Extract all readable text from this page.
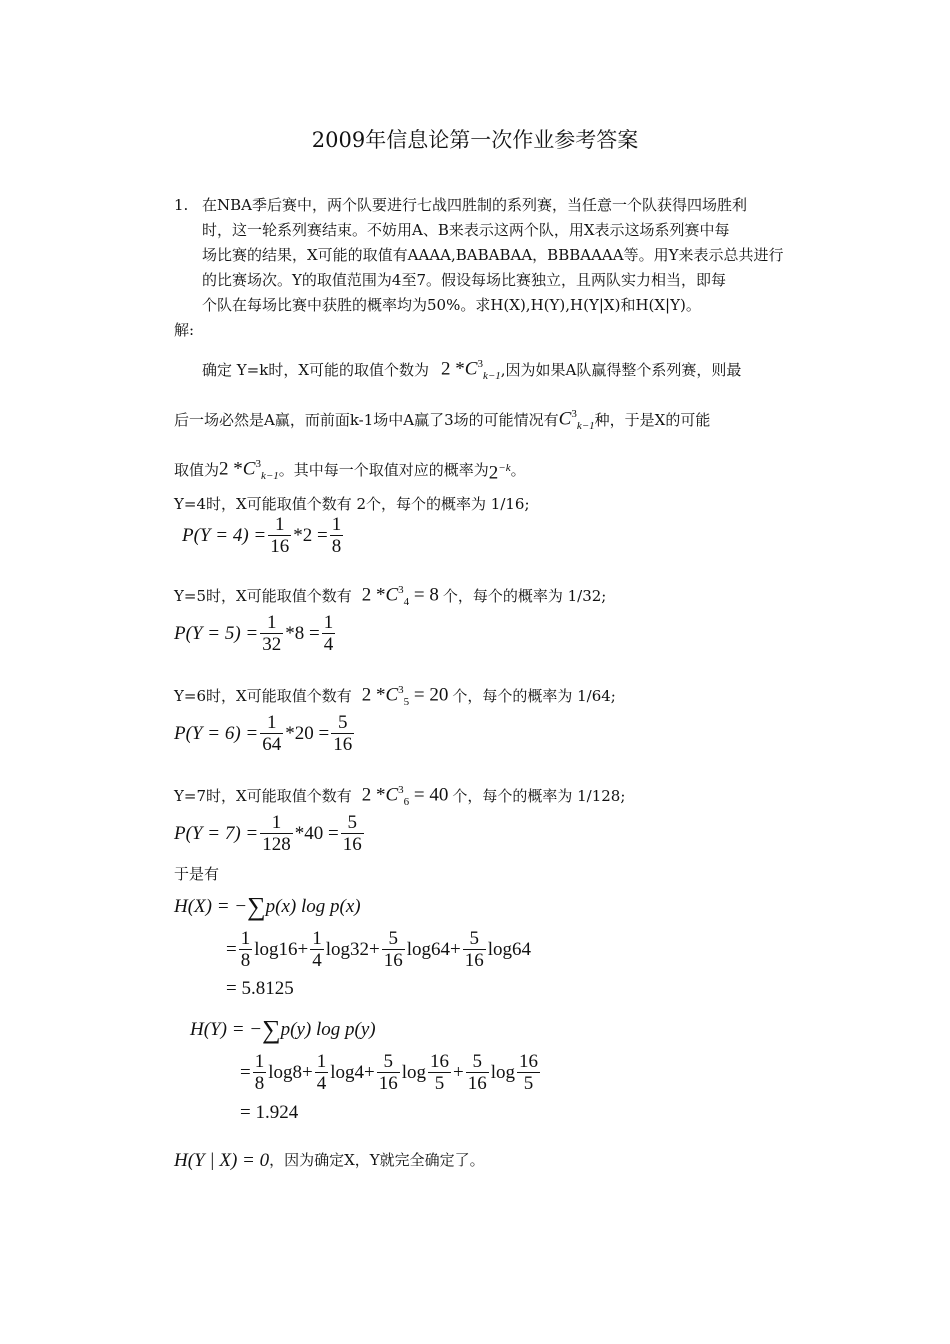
2009年信息论第一次作业参考答案
1. 在NBA季后赛中，两个队要进行七战四胜制的系列赛，当任意一个队获得四场胜利

时，这一轮系列赛结束。不妨用A、B来表示这两个队，用X表示这场系列赛中每

场比赛的结果，X可能的取值有AAAA,BABABAA，BBBAAAA等。用Y来表示总共进行

的比赛场次。Y的取值范围为4至7。假设每场比赛独立，且两队实力相当，即每

个队在每场比赛中获胜的概率均为50%。求H(X),H(Y),H(Y|X)和H(X|Y)。

解:
确定 Y=k时，X可能的取值个数为 2 $*C^3_{k-1}$ ,因为如果A队赢得整个系列赛，则最
后一场必然是A赢，而前面k-1场中A赢了3场的可能情况有 $C^3_{k-1}$ 种，于是X的可能
取值为 2 $*C^3_{k-1}$ 。其中每一个取值对应的概率为 $2^{-k}$ 。
Y=4时，X可能取值个数有 2个，每个的概率为 1/16;
$P(Y = 4) = \frac{1}{16} *2 = \frac{1}{8}$
Y=5时，X可能取值个数有 2 $*C^3_4 = 8$ 个，每个的概率为 1/32;
$P(Y = 5) = \frac{1}{32} *8 = \frac{1}{4}$
Y=6时，X可能取值个数有 2 $*C^3_5 = 20$ 个，每个的概率为 1/64;
$P(Y = 6) = \frac{1}{64} *20 = \frac{5}{16}$
Y=7时，X可能取值个数有 2 $*C^3_6 = 40$ 个，每个的概率为 1/128;
$P(Y = 7) = \frac{1}{128} *40 = \frac{5}{16}$
于是有
H(X) = −∑p(x) log p(x)
= $\frac{1}{8} \log 16 + \frac{1}{4} \log 32 + \frac{5}{16} \log 64 + \frac{5}{16} \log 64$
= 5.8125
H(Y) = −∑p(y) log p(y)
= $\frac{1}{8} \log 8 + \frac{1}{4} \log 4 + \frac{5}{16}$ $\log \frac{16}{5} + \frac{5}{16}$ $\log \frac{16}{5}$
= 1.924
H(Y | X) = 0 ，因为确定X，Y就完全确定了。
